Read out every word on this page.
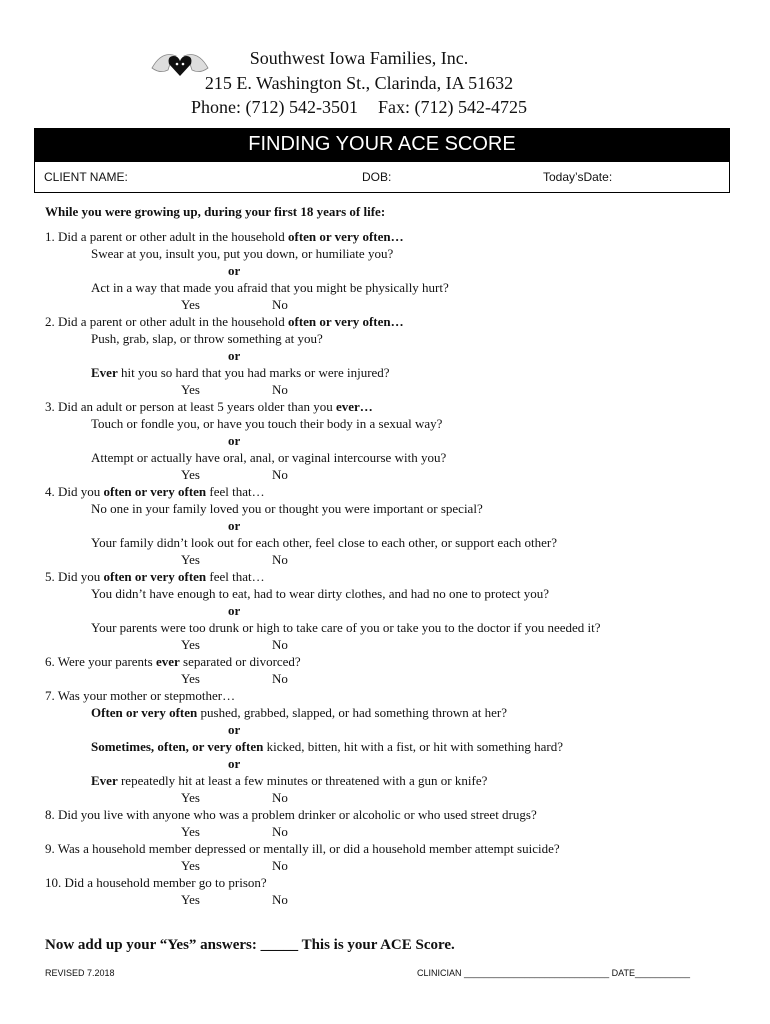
Southwest Iowa Families, Inc.
215 E. Washington St., Clarinda, IA 51632
Phone: (712) 542-3501 Fax: (712) 542-4725
FINDING YOUR ACE SCORE
CLIENT NAME:	DOB:	Today’sDate:
While you were growing up, during your first 18 years of life:
1. Did a parent or other adult in the household often or very often…
Swear at you, insult you, put you down, or humiliate you?
or
Act in a way that made you afraid that you might be physically hurt?
Yes	No
2. Did a parent or other adult in the household often or very often…
Push, grab, slap, or throw something at you?
or
Ever hit you so hard that you had marks or were injured?
Yes	No
3. Did an adult or person at least 5 years older than you ever…
Touch or fondle you, or have you touch their body in a sexual way?
or
Attempt or actually have oral, anal, or vaginal intercourse with you?
Yes	No
4. Did you often or very often feel that…
No one in your family loved you or thought you were important or special?
or
Your family didn’t look out for each other, feel close to each other, or support each other?
Yes	No
5. Did you often or very often feel that…
You didn’t have enough to eat, had to wear dirty clothes, and had no one to protect you?
or
Your parents were too drunk or high to take care of you or take you to the doctor if you needed it?
Yes	No
6. Were your parents ever separated or divorced?
Yes	No
7. Was your mother or stepmother…
Often or very often pushed, grabbed, slapped, or had something thrown at her?
or
Sometimes, often, or very often kicked, bitten, hit with a fist, or hit with something hard?
or
Ever repeatedly hit at least a few minutes or threatened with a gun or knife?
Yes	No
8. Did you live with anyone who was a problem drinker or alcoholic or who used street drugs?
Yes	No
9. Was a household member depressed or mentally ill, or did a household member attempt suicide?
Yes	No
10. Did a household member go to prison?
Yes	No
Now add up your “Yes” answers: _____ This is your ACE Score.
REVISED 7.2018	CLINICIAN _____________________________ DATE___________
